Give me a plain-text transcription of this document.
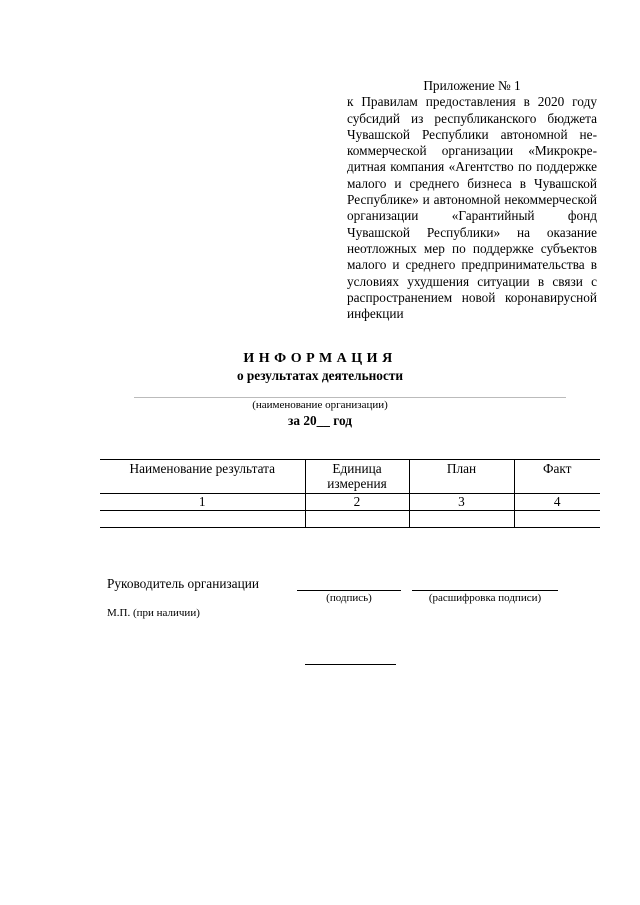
Приложение № 1
к Правилам предоставления в 2020 году субсидий из республиканского бюджета Чувашской Республики автономной некоммерческой организации «Микрокредитная компания «Агентство по поддержке малого и среднего бизнеса в Чувашской Республике» и автономной некоммерческой организации «Гарантийный фонд Чувашской Республики» на оказание неотложных мер по поддержке субъектов малого и среднего предпринимательства в условиях ухудшения ситуации в связи с распространением новой коронавирусной инфекции
ИНФОРМАЦИЯ
о результатах деятельности
(наименование организации)
за 20__ год
Наименование результата	Единица измерения	План	Факт
1	2	3	4

Руководитель организации
(подпись)	(расшифровка подписи)
М.П. (при наличии)
